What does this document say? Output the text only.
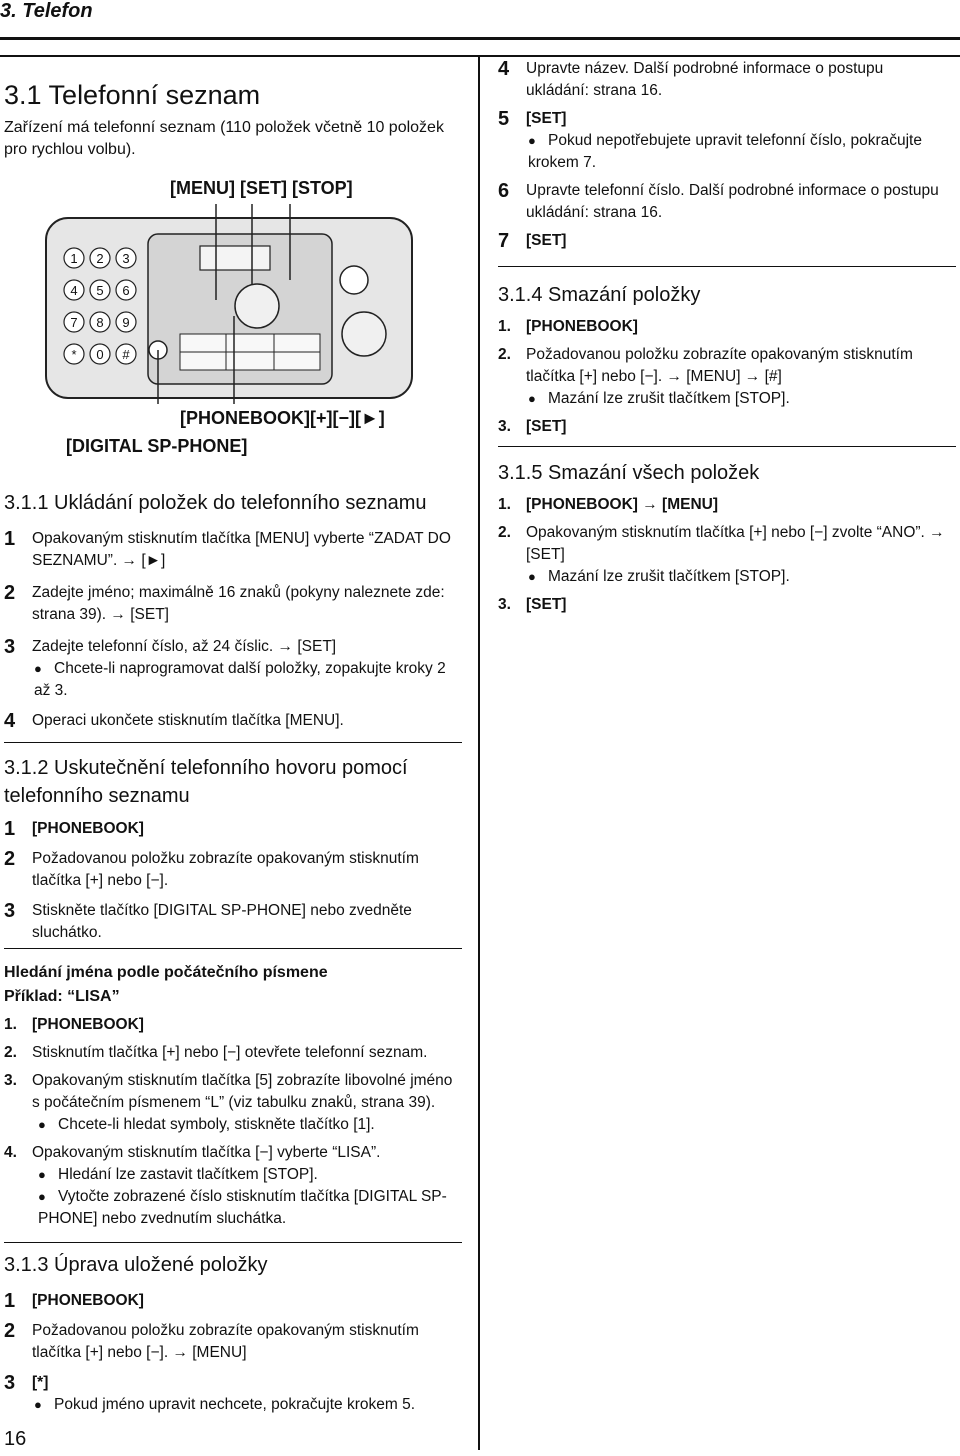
3. Telefon
3.1 Telefonní seznam
Zařízení má telefonní seznam (110 položek včetně 10 položek pro rychlou volbu).
[MENU] [SET] [STOP]
1 2 3
4 5 6
7 8 9
* 0 #
[PHONEBOOK][+][−][►]
[DIGITAL SP-PHONE]
3.1.1 Ukládání položek do telefonního seznamu
1 Opakovaným stisknutím tlačítka [MENU] vyberte “ZADAT DO SEZNAMU”. → [►]
2 Zadejte jméno; maximálně 16 znaků (pokyny naleznete zde: strana 39). → [SET]
3 Zadejte telefonní číslo, až 24 číslic. → [SET]
● Chcete-li naprogramovat další položky, zopakujte kroky 2 až 3.
4 Operaci ukončete stisknutím tlačítka [MENU].
3.1.2 Uskutečnění telefonního hovoru pomocí telefonního seznamu
1 [PHONEBOOK]
2 Požadovanou položku zobrazíte opakovaným stisknutím tlačítka [+] nebo [−].
3 Stiskněte tlačítko [DIGITAL SP-PHONE] nebo zvedněte sluchátko.
Hledání jména podle počátečního písmene
Příklad: “LISA”
1. [PHONEBOOK]
2. Stisknutím tlačítka [+] nebo [−] otevřete telefonní seznam.
3. Opakovaným stisknutím tlačítka [5] zobrazíte libovolné jméno s počátečním písmenem “L” (viz tabulku znaků, strana 39).
● Chcete-li hledat symboly, stiskněte tlačítko [1].
4. Opakovaným stisknutím tlačítka [−] vyberte “LISA”.
● Hledání lze zastavit tlačítkem [STOP].
● Vytočte zobrazené číslo stisknutím tlačítka [DIGITAL SP-PHONE] nebo zvednutím sluchátka.
3.1.3 Úprava uložené položky
1 [PHONEBOOK]
2 Požadovanou položku zobrazíte opakovaným stisknutím tlačítka [+] nebo [−]. → [MENU]
3 [*]
● Pokud jméno upravit nechcete, pokračujte krokem 5.
16
4 Upravte název. Další podrobné informace o postupu ukládání: strana 16.
5 [SET]
● Pokud nepotřebujete upravit telefonní číslo, pokračujte krokem 7.
6 Upravte telefonní číslo. Další podrobné informace o postupu ukládání: strana 16.
7 [SET]
3.1.4 Smazání položky
1. [PHONEBOOK]
2. Požadovanou položku zobrazíte opakovaným stisknutím tlačítka [+] nebo [−]. → [MENU] → [#]
● Mazání lze zrušit tlačítkem [STOP].
3. [SET]
3.1.5 Smazání všech položek
1. [PHONEBOOK] → [MENU]
2. Opakovaným stisknutím tlačítka [+] nebo [−] zvolte “ANO”. → [SET]
● Mazání lze zrušit tlačítkem [STOP].
3. [SET]
